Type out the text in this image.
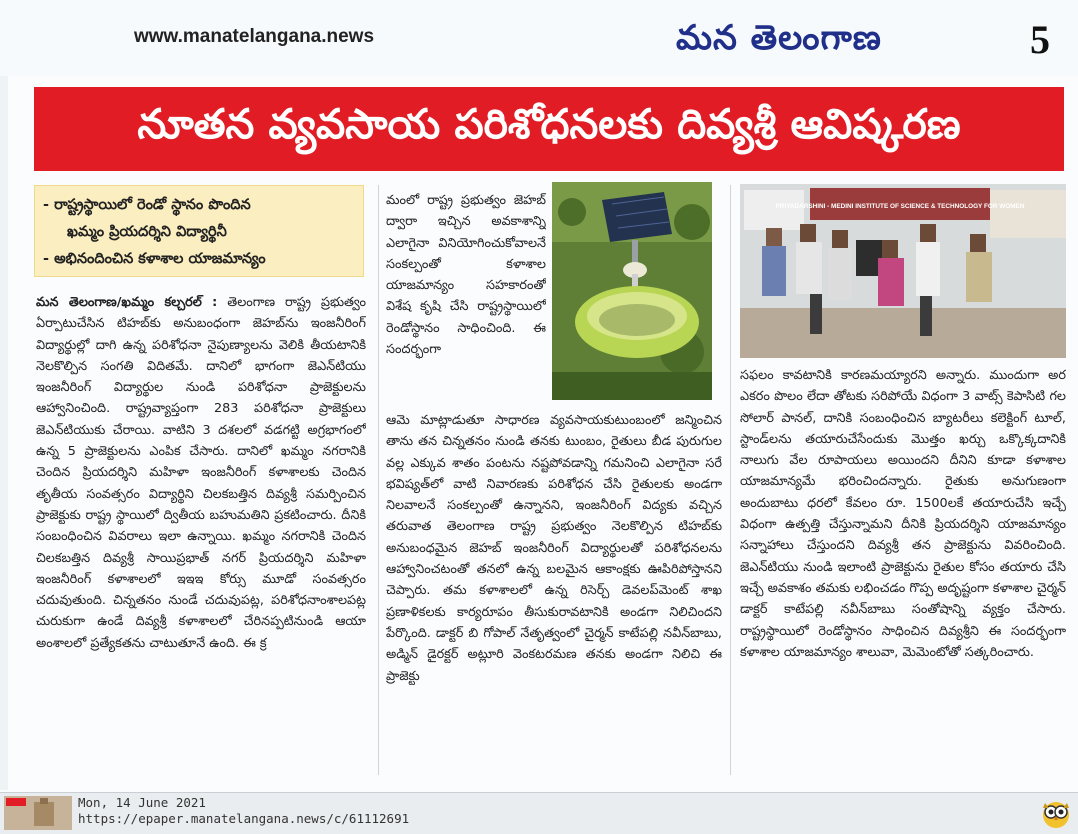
www.manatelangana.news	మన తెలంగాణ	5
నూతన వ్యవసాయ పరిశోధనలకు దివ్యశ్రీ ఆవిష్కరణ
- రాష్ట్రస్థాయిలో రెండో స్థానం పొందిన
ఖమ్మం ప్రియదర్శిని విద్యార్థినీ
- అభినందించిన కళాశాల యాజమాన్యం
మన తెలంగాణ/ఖమ్మం కల్చరల్ : తెలంగాణ రాష్ట్ర ప్రభుత్వం ఏర్పాటుచేసిన టిహబ్‌కు అనుబంధంగా జెహబ్‌ను ఇంజనీరింగ్ విద్యార్థుల్లో దాగి ఉన్న పరిశోధనా నైపుణ్యాలను వెలికి తీయటానికి నెలకొల్పిన సంగతి విదితమే. దానిలో భాగంగా జెఎన్‌టియు ఇంజనీరింగ్ విద్యార్థుల నుండి పరిశోధనా ప్రాజెక్టులను ఆహ్వానించింది. రాష్ట్రవ్యాప్తంగా 283 పరిశోధనా ప్రాజెక్టులు జెఎన్‌టియుకు చేరాయి. వాటిని 3 దశలలో వడగట్టి అగ్రభాగంలో ఉన్న 5 ప్రాజెక్టులను ఎంపిక చేసారు. దానిలో ఖమ్మం నగరానికి చెందిన ప్రియదర్శిని మహిళా ఇంజనీరింగ్ కళాశాలకు చెందిన తృతీయ సంవత్సరం విద్యార్థిని చిలకబత్తిన దివ్యశ్రీ సమర్పించిన ప్రాజెక్టుకు రాష్ట్ర స్థాయిలో ద్వితీయ బహుమతిని ప్రకటించారు. దీనికి సంబంధించిన వివరాలు ఇలా ఉన్నాయి. ఖమ్మం నగరానికి చెందిన చిలకబత్తిన దివ్యశ్రీ సాయిప్రభాత్ నగర్ ప్రియదర్శిని మహిళా ఇంజనీరింగ్ కళాశాలలో ఇఇఇ కోర్సు మూడో సంవత్సరం చదువుతుంది. చిన్నతనం నుండే చదువుపట్ల, పరిశోధనాంశాలపట్ల చురుకుగా ఉండే దివ్యశ్రీ కళాశాలలో చేరినప్పటినుండి ఆయా అంశాలలో ప్రత్యేకతను చాటుతూనే ఉంది. ఈ క్ర
మంలో రాష్ట్ర ప్రభుత్వం జెహబ్ ద్వారా ఇచ్చిన అవకాశాన్ని ఎలాగైనా వినియోగించుకోవాలనే సంకల్పంతో కళాశాల యాజమాన్యం సహకారంతో విశేష కృషి చేసి రాష్ట్రస్థాయిలో రెండోస్థానం సాధించింది. ఈ సందర్భంగా
ఆమె మాట్లాడుతూ సాధారణ వ్యవసాయకుటుంబంలో జన్మించిన తాను తన చిన్నతనం నుండి తనకు టుంబం, రైతులు బీడ పురుగుల వల్ల ఎక్కువ శాతం పంటను నష్టపోవడాన్ని గమనించి ఎలాగైనా సరే భవిష్యత్‌లో వాటి నివారణకు పరిశోధన చేసి రైతులకు అండగా నిలవాలనే సంకల్పంతో ఉన్నానని, ఇంజనీరింగ్ విద్యకు వచ్చిన తరువాత తెలంగాణ రాష్ట్ర ప్రభుత్వం నెలకొల్పిన టిహబ్‌కు అనుబంధమైన జెహబ్ ఇంజనీరింగ్ విద్యార్థులతో పరిశోధనలను ఆహ్వానించటంతో తనలో ఉన్న బలమైన ఆకాంక్షకు ఊపిరిపోస్తానని చెప్పారు. తమ కళాశాలలో ఉన్న రిసెర్చ్ డెవలప్‌మెంట్ శాఖ ప్రణాళికలకు కార్యరూపం తీసుకురావటానికి అండగా నిలిచిందని పేర్కొంది. డాక్టర్ బి గోపాల్ నేతృత్వంలో చైర్మన్ కాటేపల్లి నవీన్‌బాబు, అడ్మిన్ డైరక్టర్ అట్లూరి వెంకటరమణ తనకు అండగా నిలిచి ఈ ప్రాజెక్టు
PRIYADARSHINI - MEDINI INSTITUTE OF SCIENCE & TECHNOLOGY FOR WOMEN
సఫలం కావటానికి కారణమయ్యారని అన్నారు. ముందుగా అర ఎకరం పొలం లేదా తోటకు సరిపోయే విధంగా 3 వాట్స్ కెపాసిటి గల సోలార్ పానల్, దానికి సంబంధించిన బ్యాటరీలు కలెక్టింగ్ టూల్, స్టాండ్‌లను తయారుచేసేందుకు మొత్తం ఖర్చు ఒక్కొక్కదానికి నాలుగు వేల రూపాయలు అయిందని దీనిని కూడా కళాశాల యాజమాన్యమే భరించిందన్నారు. రైతుకు అనుగుణంగా అందుబాటు ధరలో కేవలం రూ. 1500లకే తయారుచేసి ఇచ్చే విధంగా ఉత్పత్తి చేస్తున్నామని దీనికి ప్రియదర్శిని యాజమాన్యం సన్నాహాలు చేస్తుందని దివ్యశ్రీ తన ప్రాజెక్టును వివరించింది. జెఎన్‌టియు నుండి ఇలాంటి ప్రాజెక్టును రైతుల కోసం తయారు చేసి ఇచ్చే అవకాశం తమకు లభించడం గొప్ప అదృష్టంగా కళాశాల చైర్మన్ డాక్టర్ కాటేపల్లి నవీన్‌బాబు సంతోషాన్ని వ్యక్తం చేసారు. రాష్ట్రస్థాయిలో రెండోస్థానం సాధించిన దివ్యశ్రీని ఈ సందర్భంగా కళాశాల యాజమాన్యం శాలువా, మెమెంటోతో సత్కరించారు.
Mon, 14 June 2021
https://epaper.manatelangana.news/c/61112691
